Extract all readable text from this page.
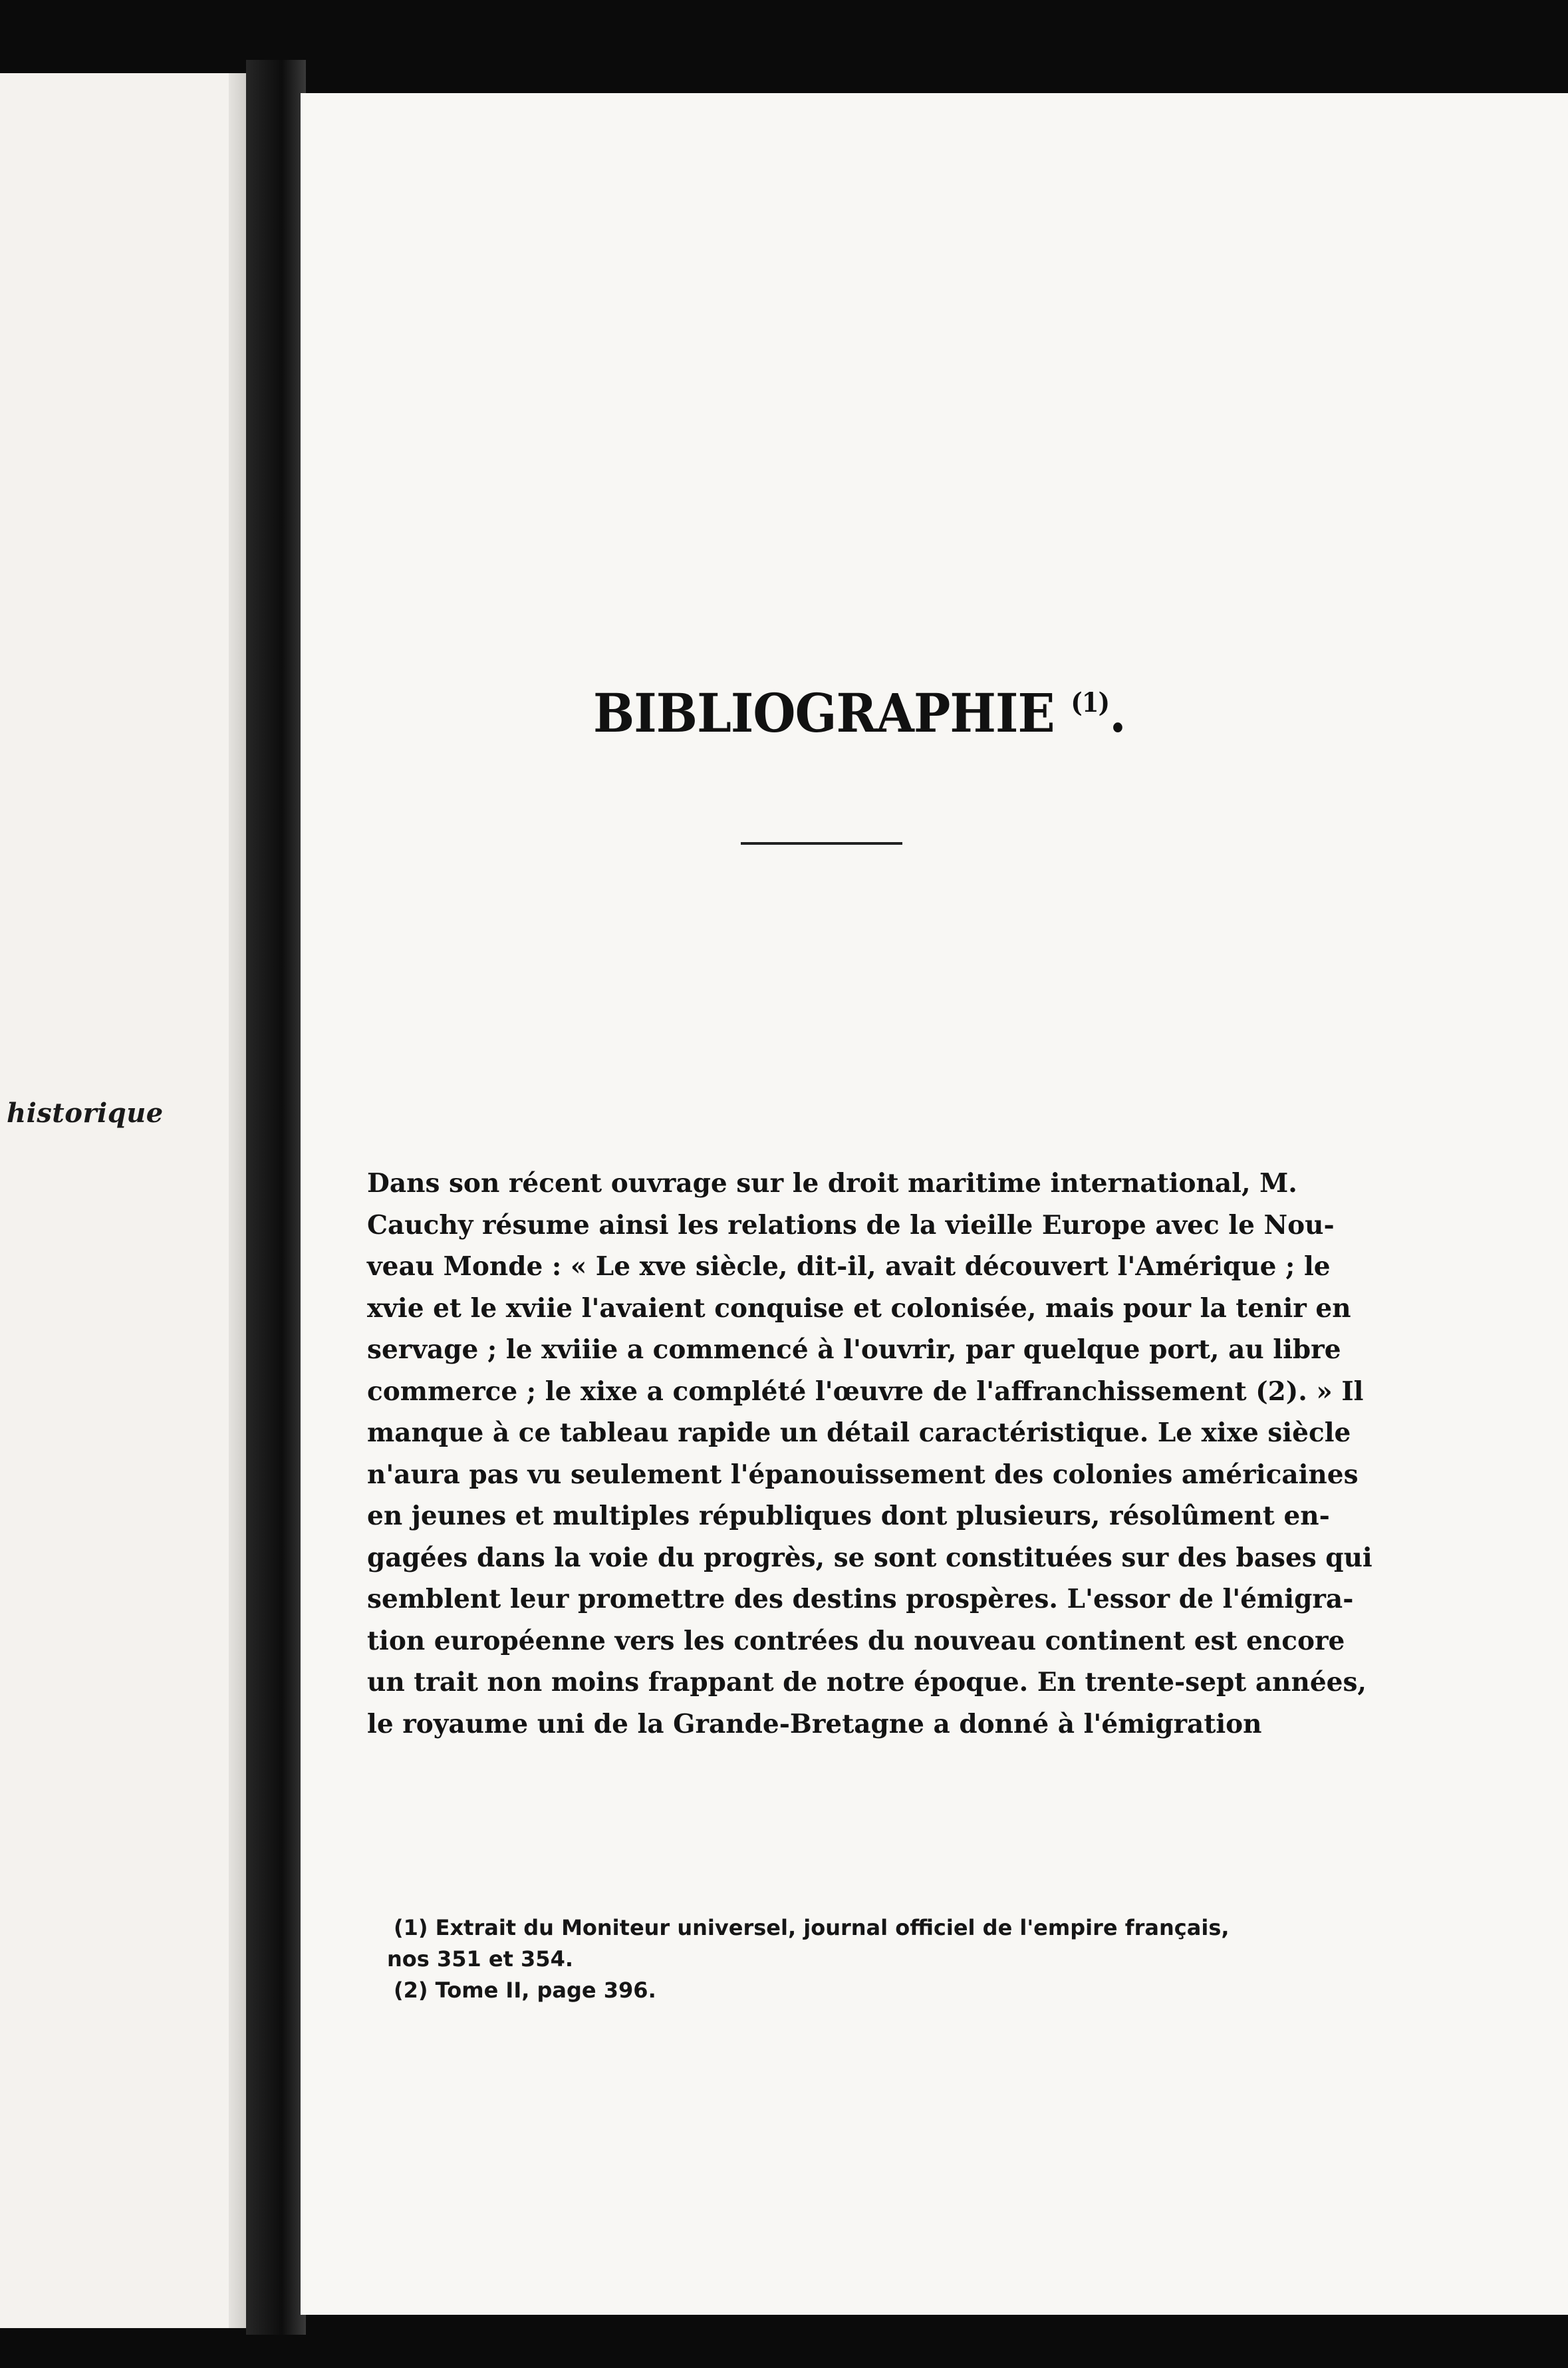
historique
BIBLIOGRAPHIE $^{(1)}$.
Dans son récent ouvrage sur le droit maritime international, M.
Cauchy résume ainsi les relations de la vieille Europe avec le Nou-
veau Monde : « Le xve siècle, dit-il, avait découvert l'Amérique ; le
xvie et le xviie l'avaient conquise et colonisée, mais pour la tenir en
servage ; le xviiie a commencé à l'ouvrir, par quelque port, au libre
commerce ; le xixe a complété l'œuvre de l'affranchissement (2). » Il
manque à ce tableau rapide un détail caractéristique. Le xixe siècle
n'aura pas vu seulement l'épanouissement des colonies américaines
en jeunes et multiples républiques dont plusieurs, résolûment en-
gagées dans la voie du progrès, se sont constituées sur des bases qui
semblent leur promettre des destins prospères. L'essor de l'émigra-
tion européenne vers les contrées du nouveau continent est encore
un trait non moins frappant de notre époque. En trente-sept années,
le royaume uni de la Grande-Bretagne a donné à l'émigration
(1) Extrait du Moniteur universel, journal officiel de l'empire français,
nos 351 et 354.
(2) Tome II, page 396.
